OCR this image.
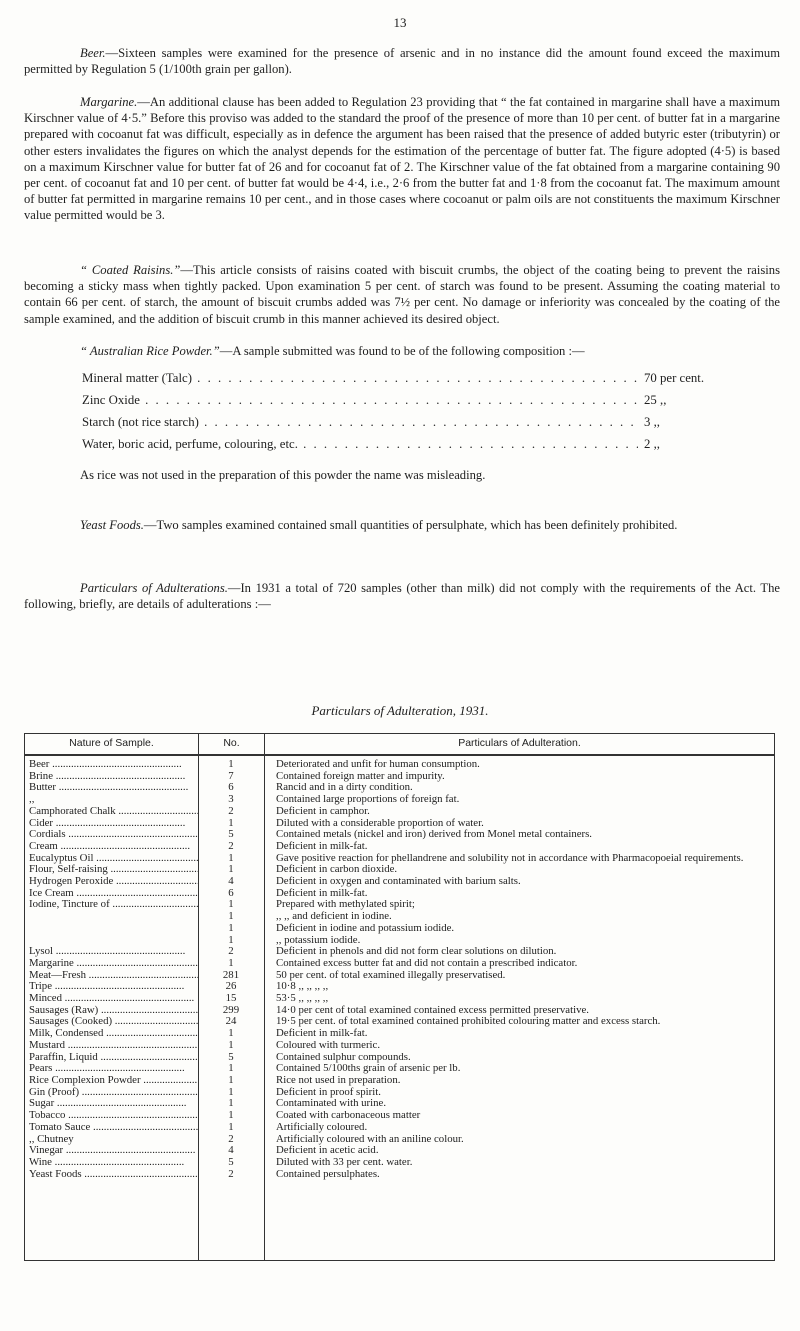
13

Beer.—Sixteen samples were examined for the presence of arsenic and in no instance did the amount found exceed the maximum permitted by Regulation 5 (1/100th grain per gallon).

Margarine.—An additional clause has been added to Regulation 23 providing that “ the fat contained in margarine shall have a maximum Kirschner value of 4·5.” Before this proviso was added to the standard the proof of the presence of more than 10 per cent. of butter fat in a margarine prepared with cocoanut fat was difficult, especially as in defence the argument has been raised that the presence of added butyric ester (tributyrin) or other esters invalidates the figures on which the analyst depends for the estimation of the percentage of butter fat. The figure adopted (4·5) is based on a maximum Kirschner value for butter fat of 26 and for cocoanut fat of 2. The Kirschner value of the fat obtained from a margarine containing 90 per cent. of cocoanut fat and 10 per cent. of butter fat would be 4·4, i.e., 2·6 from the butter fat and 1·8 from the cocoanut fat. The maximum amount of butter fat permitted in margarine remains 10 per cent., and in those cases where cocoanut or palm oils are not constituents the maximum Kirschner value permitted would be 3.

“ Coated Raisins.”—This article consists of raisins coated with biscuit crumbs, the object of the coating being to prevent the raisins becoming a sticky mass when tightly packed. Upon examination 5 per cent. of starch was found to be present. Assuming the coating material to contain 66 per cent. of starch, the amount of biscuit crumbs added was 7½ per cent. No damage or inferiority was concealed by the coating of the sample examined, and the addition of biscuit crumb in this manner achieved its desired object.

“ Australian Rice Powder.”—A sample submitted was found to be of the following composition :—

Mineral matter (Talc) . . .	70 per cent.
Zinc Oxide . . .	25 ,,
Starch (not rice starch) . . .	3 ,,
Water, boric acid, perfume, colouring, etc. . . .	2 ,,

As rice was not used in the preparation of this powder the name was misleading.

Yeast Foods.—Two samples examined contained small quantities of persulphate, which has been definitely prohibited.

Particulars of Adulterations.—In 1931 a total of 720 samples (other than milk) did not comply with the requirements of the Act. The following, briefly, are details of adulterations :—

Particulars of Adulteration, 1931.
Nature of Sample.	No.	Particulars of Adulteration.
Beer .....	1	Deteriorated and unfit for human consumption.
Brine .....	7	Contained foreign matter and impurity.
Butter .....	6	Rancid and in a dirty condition.
,,	3	Contained large proportions of foreign fat.
Camphorated Chalk .....	2	Deficient in camphor.
Cider .....	1	Diluted with a considerable proportion of water.
Cordials .....	5	Contained metals (nickel and iron) derived from Monel metal containers.
Cream .....	2	Deficient in milk-fat.
Eucalyptus Oil .....	1	Gave positive reaction for phellandrene and solubility not in accordance with Pharmacopoeial requirements.
Flour, Self-raising .....	1	Deficient in carbon dioxide.
Hydrogen Peroxide .....	4	Deficient in oxygen and contaminated with barium salts.
Ice Cream .....	6	Deficient in milk-fat.
Iodine, Tincture of .....	1	Prepared with methylated spirit;
1	,, ,, and deficient in iodine.
1	Deficient in iodine and potassium iodide.
1	,, potassium iodide.
Lysol .....	2	Deficient in phenols and did not form clear solutions on dilution.
Margarine .....	1	Contained excess butter fat and did not contain a prescribed indicator.
Meat—Fresh .....	281	50 per cent. of total examined illegally preservatised.
Tripe .....	26	10·8 ,, ,, ,, ,,
Minced .....	15	53·5 ,, ,, ,, ,,
Sausages (Raw) .....	299	14·0 per cent of total examined contained excess permitted preservative.
Sausages (Cooked) .....	24	19·5 per cent. of total examined contained prohibited colouring matter and excess starch.
Milk, Condensed .....	1	Deficient in milk-fat.
Mustard .....	1	Coloured with turmeric.
Paraffin, Liquid .....	5	Contained sulphur compounds.
Pears .....	1	Contained 5/100ths grain of arsenic per lb.
Rice Complexion Powder .....	1	Rice not used in preparation.
Gin (Proof) .....	1	Deficient in proof spirit.
Sugar .....	1	Contaminated with urine.
Tobacco .....	1	Coated with carbonaceous matter
Tomato Sauce .....	1	Artificially coloured.
,, Chutney	2	Artificially coloured with an aniline colour.
Vinegar .....	4	Deficient in acetic acid.
Wine .....	5	Diluted with 33 per cent. water.
Yeast Foods .....	2	Contained persulphates.
